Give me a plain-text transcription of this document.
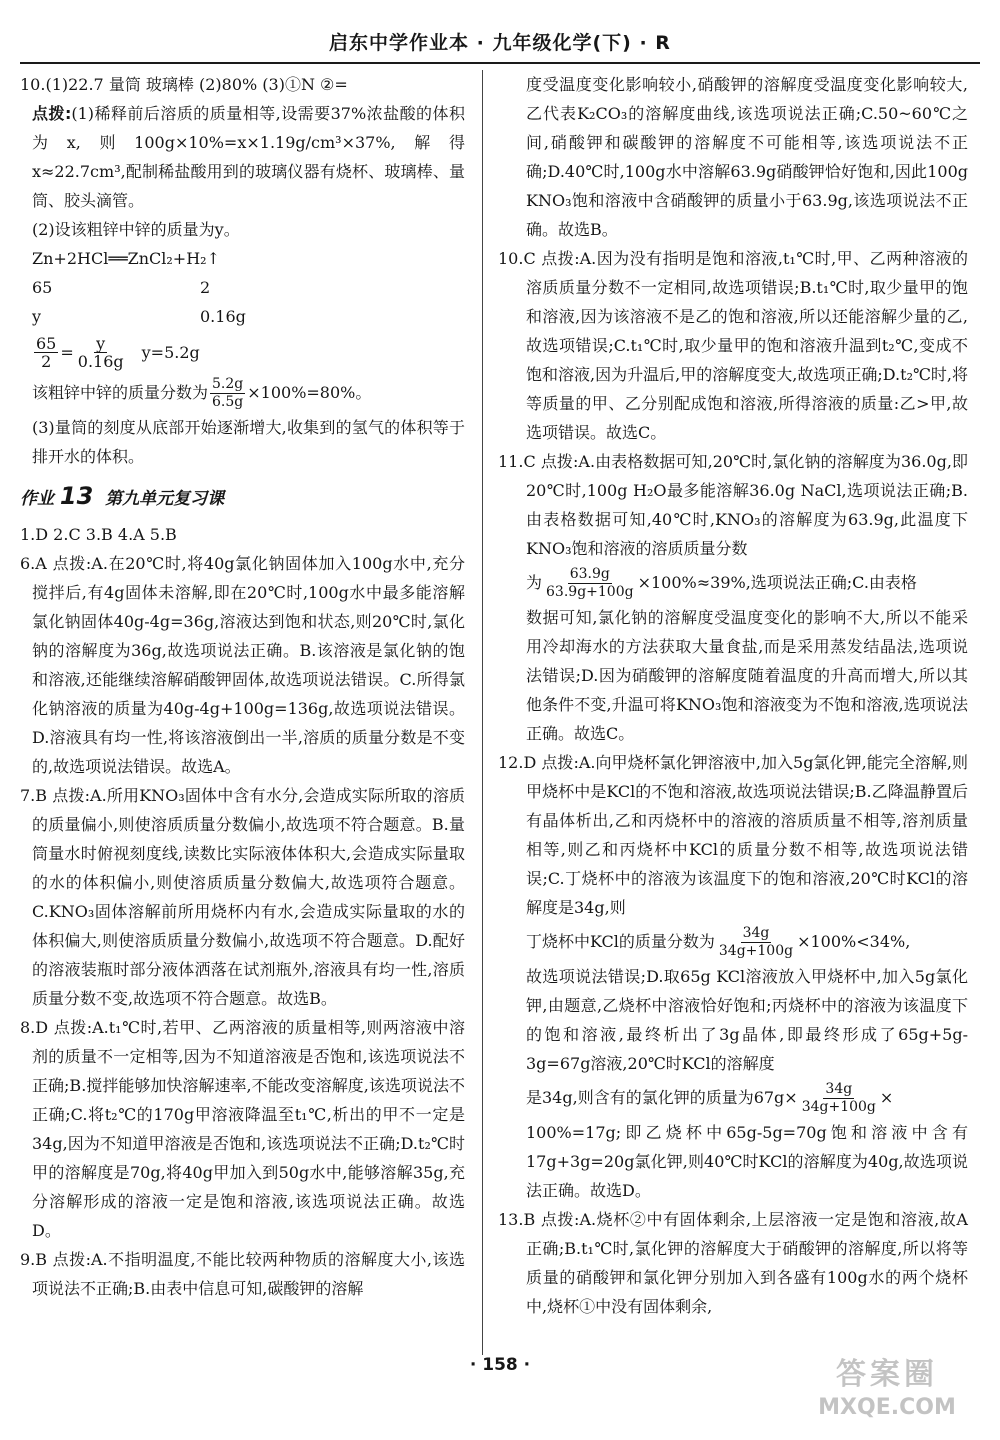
启东中学作业本 · 九年级化学(下) · R

10.(1)22.7 量筒 玻璃棒 (2)80% (3)①N ②=

点拨:(1)稀释前后溶质的质量相等,设需要37%浓盐酸的体积为x,则100g×10%=x×1.19g/cm³×37%,解得x≈22.7cm³,配制稀盐酸用到的玻璃仪器有烧杯、玻璃棒、量筒、胶头滴管。

(2)设该粗锌中锌的质量为y。

Zn+2HCl ══ZnCl₂+H₂↑
65	2
y	0.16g
$\frac{65}{2} = \frac{y}{0.16g} y=5.2g$

该粗锌中锌的质量分数为 $\frac{5.2g}{6.5g} \times 100\%=80\%$。

(3)量筒的刻度从底部开始逐渐增大,收集到的氢气的体积等于排开水的体积。

作业 13 第九单元复习课

1.D 2.C 3.B 4.A 5.B

6.A 点拨:A.在20℃时,将40g氯化钠固体加入100g水中,充分搅拌后,有4g固体未溶解,即在20℃时,100g水中最多能溶解氯化钠固体40g-4g=36g,溶液达到饱和状态,则20℃时,氯化钠的溶解度为36g,故选项说法正确。B.该溶液是氯化钠的饱和溶液,还能继续溶解硝酸钾固体,故选项说法错误。C.所得氯化钠溶液的质量为40g-4g+100g=136g,故选项说法错误。D.溶液具有均一性,将该溶液倒出一半,溶质的质量分数是不变的,故选项说法错误。故选A。

7.B 点拨:A.所用KNO₃固体中含有水分,会造成实际所取的溶质的质量偏小,则使溶质质量分数偏小,故选项不符合题意。B.量筒量水时俯视刻度线,读数比实际液体体积大,会造成实际量取的水的体积偏小,则使溶质质量分数偏大,故选项符合题意。C.KNO₃固体溶解前所用烧杯内有水,会造成实际量取的水的体积偏大,则使溶质质量分数偏小,故选项不符合题意。D.配好的溶液装瓶时部分液体洒落在试剂瓶外,溶液具有均一性,溶质质量分数不变,故选项不符合题意。故选B。

8.D 点拨:A.t₁℃时,若甲、乙两溶液的质量相等,则两溶液中溶剂的质量不一定相等,因为不知道溶液是否饱和,该选项说法不正确;B.搅拌能够加快溶解速率,不能改变溶解度,该选项说法不正确;C.将t₂℃的170g甲溶液降温至t₁℃,析出的甲不一定是34g,因为不知道甲溶液是否饱和,该选项说法不正确;D.t₂℃时甲的溶解度是70g,将40g甲加入到50g水中,能够溶解35g,充分溶解形成的溶液一定是饱和溶液,该选项说法正确。故选D。

9.B 点拨:A.不指明温度,不能比较两种物质的溶解度大小,该选项说法不正确;B.由表中信息可知,碳酸钾的溶解

度受温度变化影响较小,硝酸钾的溶解度受温度变化影响较大,乙代表K₂CO₃的溶解度曲线,该选项说法正确;C.50~60℃之间,硝酸钾和碳酸钾的溶解度不可能相等,该选项说法不正确;D.40℃时,100g水中溶解63.9g硝酸钾恰好饱和,因此100g KNO₃饱和溶液中含硝酸钾的质量小于63.9g,该选项说法不正确。故选B。

10.C 点拨:A.因为没有指明是饱和溶液,t₁℃时,甲、乙两种溶液的溶质质量分数不一定相同,故选项错误;B.t₁℃时,取少量甲的饱和溶液,因为该溶液不是乙的饱和溶液,所以还能溶解少量的乙,故选项错误;C.t₁℃时,取少量甲的饱和溶液升温到t₂℃,变成不饱和溶液,因为升温后,甲的溶解度变大,故选项正确;D.t₂℃时,将等质量的甲、乙分别配成饱和溶液,所得溶液的质量:乙>甲,故选项错误。故选C。

11.C 点拨:A.由表格数据可知,20℃时,氯化钠的溶解度为36.0g,即20℃时,100g H₂O最多能溶解36.0g NaCl,选项说法正确;B.由表格数据可知,40℃时,KNO₃的溶解度为63.9g,此温度下KNO₃饱和溶液的溶质质量分数

为 $\frac{63.9g}{63.9g+100g} \times 100\%\approx 39\%$,选项说法正确;C.由表格

数据可知,氯化钠的溶解度受温度变化的影响不大,所以不能采用冷却海水的方法获取大量食盐,而是采用蒸发结晶法,选项说法错误;D.因为硝酸钾的溶解度随着温度的升高而增大,所以其他条件不变,升温可将KNO₃饱和溶液变为不饱和溶液,选项说法正确。故选C。

12.D 点拨:A.向甲烧杯氯化钾溶液中,加入5g氯化钾,能完全溶解,则甲烧杯中是KCl的不饱和溶液,故选项说法错误;B.乙降温静置后有晶体析出,乙和丙烧杯中的溶液的溶质质量不相等,溶剂质量相等,则乙和丙烧杯中KCl的质量分数不相等,故选项说法错误;C.丁烧杯中的溶液为该温度下的饱和溶液,20℃时KCl的溶解度是34g,则

丁烧杯中KCl的质量分数为 $\frac{34g}{34g+100g} \times 100\%<34\%$,

故选项说法错误;D.取65g KCl溶液放入甲烧杯中,加入5g氯化钾,由题意,乙烧杯中溶液恰好饱和;丙烧杯中的溶液为该温度下的饱和溶液,最终析出了3g晶体,即最终形成了65g+5g-3g=67g溶液,20℃时KCl的溶解度

是34g,则含有的氯化钾的质量为$67g\times \frac{34g}{34g+100g}$ ×

100%=17g;即乙烧杯中65g-5g=70g饱和溶液中含有17g+3g=20g氯化钾,则40℃时KCl的溶解度为40g,故选项说法正确。故选D。

13.B 点拨:A.烧杯②中有固体剩余,上层溶液一定是饱和溶液,故A正确;B.t₁℃时,氯化钾的溶解度大于硝酸钾的溶解度,所以将等质量的硝酸钾和氯化钾分别加入到各盛有100g水的两个烧杯中,烧杯①中没有固体剩余,

· 158 ·	答案圈
MXQE.COM
